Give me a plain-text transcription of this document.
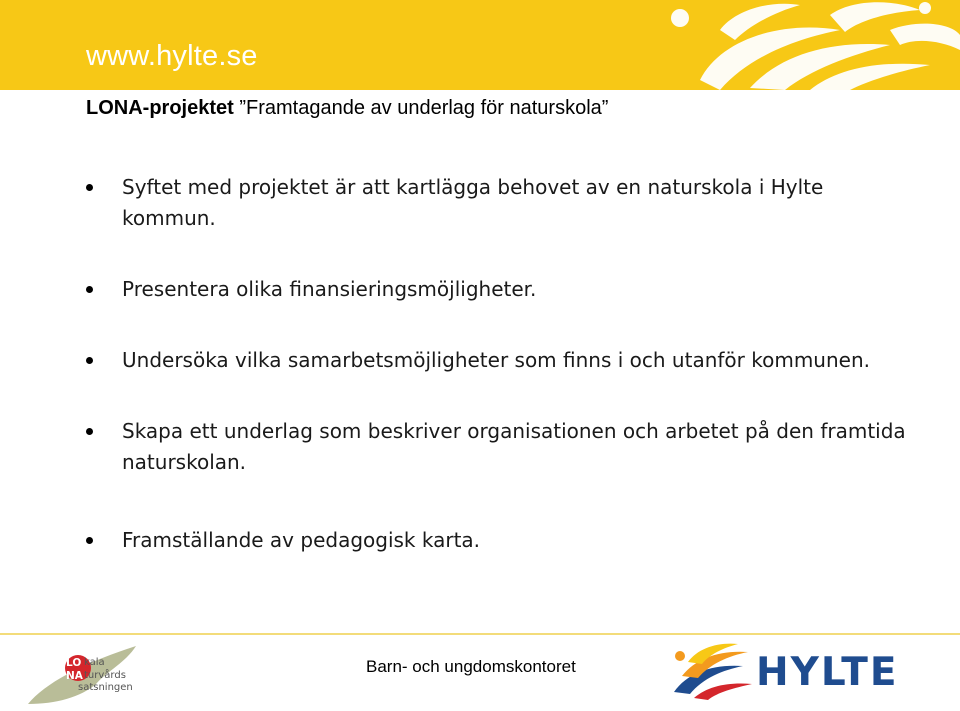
www.hylte.se
LONA-projektet ”Framtagande av underlag för naturskola”
Syftet med projektet är att kartlägga behovet av en naturskola i Hylte kommun.
Presentera olika finansieringsmöjligheter.
Undersöka vilka samarbetsmöjligheter som finns i och utanför kommunen.
Skapa ett underlag som beskriver organisationen och arbetet på den framtida naturskolan.
Framställande av pedagogisk karta.
LO kala
NA turvårds
satsningen
Barn- och ungdomskontoret	HYLTE
